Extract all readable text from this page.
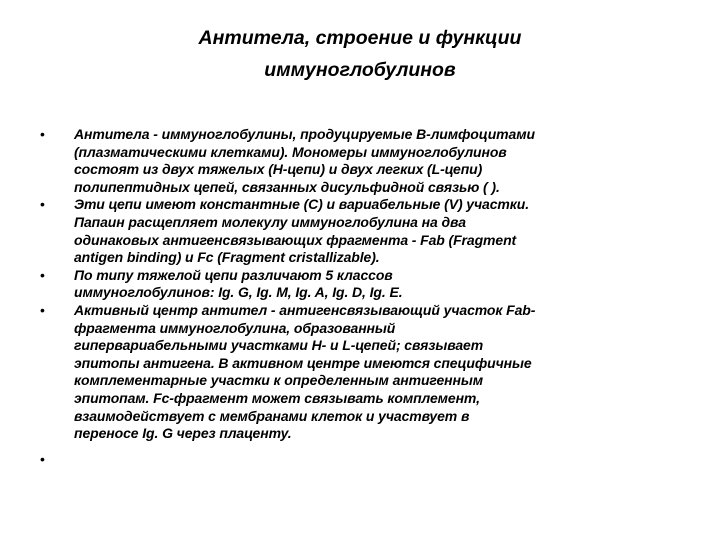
Антитела, строение и функции
иммуноглобулинов
• Антитела - иммуноглобулины, продуцируемые В-лимфоцитами
(плазматическими клетками). Мономеры иммуноглобулинов
состоят из двух тяжелых (Н-цепи) и двух легких (L-цепи)
полипептидных цепей, связанных дисульфидной связью ( ).
• Эти цепи имеют константные (С) и вариабельные (V) участки.
Папаин расщепляет молекулу иммуноглобулина на два
одинаковых антигенсвязывающих фрагмента - Fab (Fragment
antigen binding) и Fc (Fragment cristallizable).
• По типу тяжелой цепи различают 5 классов
иммуноглобулинов: Ig. G, Ig. M, Ig. A, Ig. D, Ig. E.
• Активный центр антител - антигенсвязывающий участок Fab-
фрагмента иммуноглобулина, образованный
гипервариабельными участками Н- и L-цепей; связывает
эпитопы антигена. В активном центре имеются специфичные
комплементарные участки к определенным антигенным
эпитопам. Fc-фрагмент может связывать комплемент,
взаимодействует с мембранами клеток и участвует в
переносе Ig. G через плаценту.
•
